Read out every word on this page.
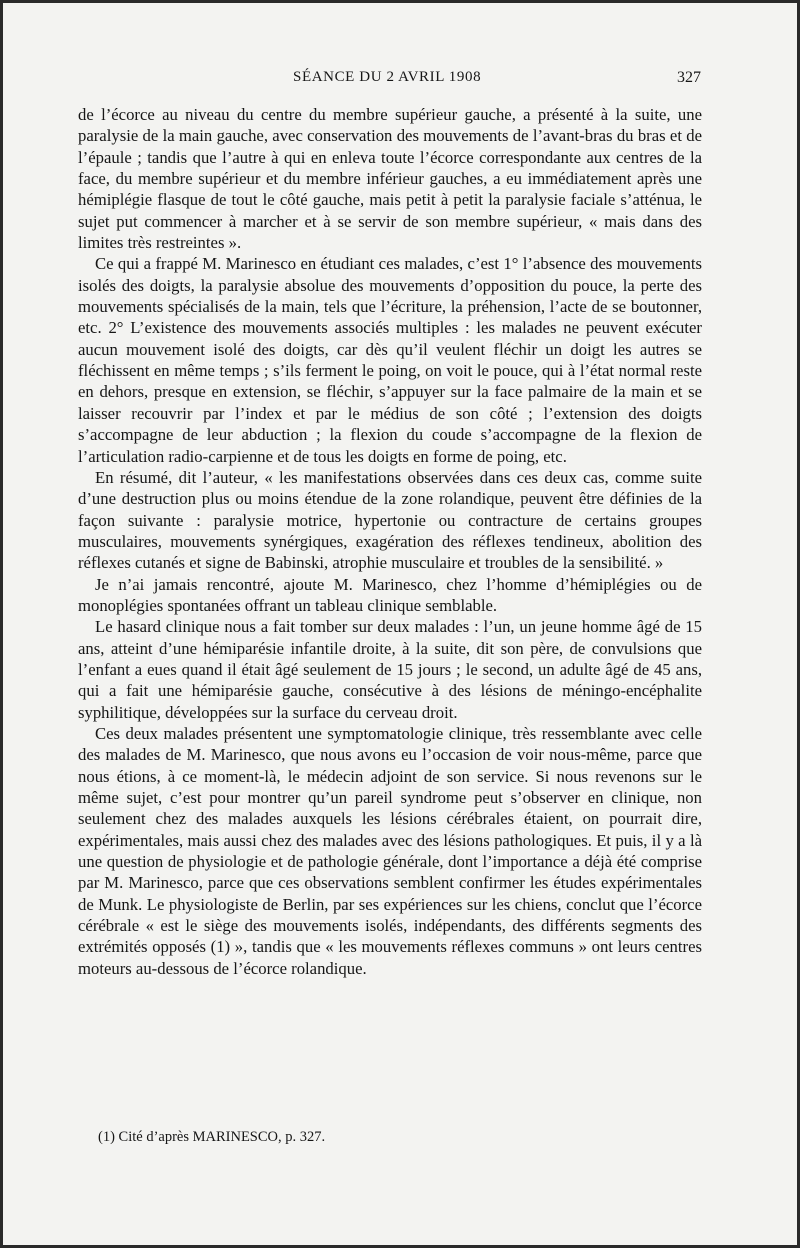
SÉANCE DU 2 AVRIL 1908	327

de l’écorce au niveau du centre du membre supérieur gauche, a présenté à la suite, une paralysie de la main gauche, avec conservation des mouvements de l’avant-bras du bras et de l’épaule ; tandis que l’autre à qui en enleva toute l’écorce correspondante aux centres de la face, du membre supérieur et du membre inférieur gauches, a eu immédiatement après une hémiplégie flasque de tout le côté gauche, mais petit à petit la paralysie faciale s’atténua, le sujet put commencer à marcher et à se servir de son membre supérieur, « mais dans des limites très restreintes ».

Ce qui a frappé M. Marinesco en étudiant ces malades, c’est 1° l’absence des mouvements isolés des doigts, la paralysie absolue des mouvements d’opposition du pouce, la perte des mouvements spécialisés de la main, tels que l’écriture, la préhension, l’acte de se boutonner, etc. 2° L’existence des mouvements associés multiples : les malades ne peuvent exécuter aucun mouvement isolé des doigts, car dès qu’il veulent fléchir un doigt les autres se fléchissent en même temps ; s’ils ferment le poing, on voit le pouce, qui à l’état normal reste en dehors, presque en extension, se fléchir, s’appuyer sur la face palmaire de la main et se laisser recouvrir par l’index et par le médius de son côté ; l’extension des doigts s’accompagne de leur abduction ; la flexion du coude s’accompagne de la flexion de l’articulation radio-carpienne et de tous les doigts en forme de poing, etc.

En résumé, dit l’auteur, « les manifestations observées dans ces deux cas, comme suite d’une destruction plus ou moins étendue de la zone rolandique, peuvent être définies de la façon suivante : paralysie motrice, hypertonie ou contracture de certains groupes musculaires, mouvements synérgiques, exagération des réflexes tendineux, abolition des réflexes cutanés et signe de Babinski, atrophie musculaire et troubles de la sensibilité. »

Je n’ai jamais rencontré, ajoute M. Marinesco, chez l’homme d’hémiplégies ou de monoplégies spontanées offrant un tableau clinique semblable.

Le hasard clinique nous a fait tomber sur deux malades : l’un, un jeune homme âgé de 15 ans, atteint d’une hémiparésie infantile droite, à la suite, dit son père, de convulsions que l’enfant a eues quand il était âgé seulement de 15 jours ; le second, un adulte âgé de 45 ans, qui a fait une hémiparésie gauche, consécutive à des lésions de méningo-encéphalite syphilitique, développées sur la surface du cerveau droit.

Ces deux malades présentent une symptomatologie clinique, très ressemblante avec celle des malades de M. Marinesco, que nous avons eu l’occasion de voir nous-même, parce que nous étions, à ce moment-là, le médecin adjoint de son service. Si nous revenons sur le même sujet, c’est pour montrer qu’un pareil syndrome peut s’observer en clinique, non seulement chez des malades auxquels les lésions cérébrales étaient, on pourrait dire, expérimentales, mais aussi chez des malades avec des lésions pathologiques. Et puis, il y a là une question de physiologie et de pathologie générale, dont l’importance a déjà été comprise par M. Marinesco, parce que ces observations semblent confirmer les études expérimentales de Munk. Le physiologiste de Berlin, par ses expériences sur les chiens, conclut que l’écorce cérébrale « est le siège des mouvements isolés, indépendants, des différents segments des extrémités opposés (1) », tandis que « les mouvements réflexes communs » ont leurs centres moteurs au-dessous de l’écorce rolandique.

(1) Cité d’après MARINESCO, p. 327.
